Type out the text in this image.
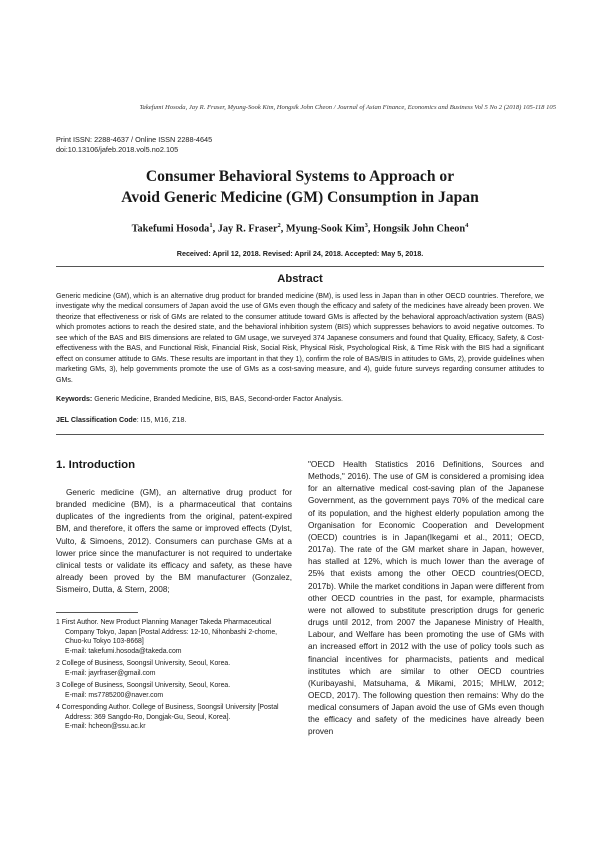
Takefumi Hosoda, Jay R. Fraser, Myung-Sook Kim, Hongsik John Cheon / Journal of Asian Finance, Economics and Business Vol 5 No 2 (2018) 105-118 105
Print ISSN: 2288-4637 / Online ISSN 2288-4645
doi:10.13106/jafeb.2018.vol5.no2.105
Consumer Behavioral Systems to Approach or
Avoid Generic Medicine (GM) Consumption in Japan
Takefumi Hosoda$^1$, Jay R. Fraser$^2$, Myung-Sook Kim$^3$, Hongsik John Cheon$^4$
Received: April 12, 2018. Revised: April 24, 2018. Accepted: May 5, 2018.
Abstract
Generic medicine (GM), which is an alternative drug product for branded medicine (BM), is used less in Japan than in other OECD countries. Therefore, we investigate why the medical consumers of Japan avoid the use of GMs even though the efficacy and safety of the medicines have already been proven. We theorize that effectiveness or risk of GMs are related to the consumer attitude toward GMs is affected by the behavioral approach/activation system (BAS) which promotes actions to reach the desired state, and the behavioral inhibition system (BIS) which suppresses behaviors to avoid negative outcomes. To see which of the BAS and BIS dimensions are related to GM usage, we surveyed 374 Japanese consumers and found that Quality, Efficacy, Safety, & Cost-effectiveness with the BAS, and Functional Risk, Financial Risk, Social Risk, Physical Risk, Psychological Risk, & Time Risk with the BIS had a significant effect on consumer attitude to GMs. These results are important in that they 1), confirm the role of BAS/BIS in attitudes to GMs, 2), provide guidelines when marketing GMs, 3), help governments promote the use of GMs as a cost-saving measure, and 4), guide future surveys regarding consumer attitudes to GMs.
Keywords: Generic Medicine, Branded Medicine, BIS, BAS, Second-order Factor Analysis.
JEL Classification Code: I15, M16, Z18.
1. Introduction
Generic medicine (GM), an alternative drug product for branded medicine (BM), is a pharmaceutical that contains duplicates of the ingredients from the original, patent-expired BM, and therefore, it offers the same or improved effects (Dylst, Vulto, & Simoens, 2012). Consumers can purchase GMs at a lower price since the manufacturer is not required to undertake clinical tests or validate its efficacy and safety, as these have already been proved by the BM manufacturer (Gonzalez, Sismeiro, Dutta, & Stern, 2008;
"OECD Health Statistics 2016 Definitions, Sources and Methods," 2016). The use of GM is considered a promising idea for an alternative medical cost-saving plan of the Japanese Government, as the government pays 70% of the medical care of its population, and the highest elderly population among the Organisation for Economic Cooperation and Development (OECD) countries is in Japan(Ikegami et al., 2011; OECD, 2017a). The rate of the GM market share in Japan, however, has stalled at 12%, which is much lower than the average of 25% that exists among the other OECD countries(OECD, 2017b). While the market conditions in Japan were different from other OECD countries in the past, for example, pharmacists were not allowed to substitute prescription drugs for generic drugs until 2012, from 2007 the Japanese Ministry of Health, Labour, and Welfare has been promoting the use of GMs with an increased effort in 2012 with the use of policy tools such as financial incentives for pharmacists, patients and medical institutes which are similar to other OECD countries (Kuribayashi, Matsuhama, & Mikami, 2015; MHLW, 2012; OECD, 2017). The following question then remains: Why do the medical consumers of Japan avoid the use of GMs even though the efficacy and safety of the medicines have already been proven
1 First Author. New Product Planning Manager Takeda Pharmaceutical Company Tokyo, Japan [Postal Address: 12-10, Nihonbashi 2-chome, Chuo-ku Tokyo 103-8668]
E-mail: takefumi.hosoda@takeda.com
2 College of Business, Soongsil University, Seoul, Korea.
E-mail: jayrfraser@gmail.com
3 College of Business, Soongsil University, Seoul, Korea.
E-mail: ms7785200@naver.com
4 Corresponding Author. College of Business, Soongsil University [Postal Address: 369 Sangdo-Ro, Dongjak-Gu, Seoul, Korea].
E-mail: hcheon@ssu.ac.kr
